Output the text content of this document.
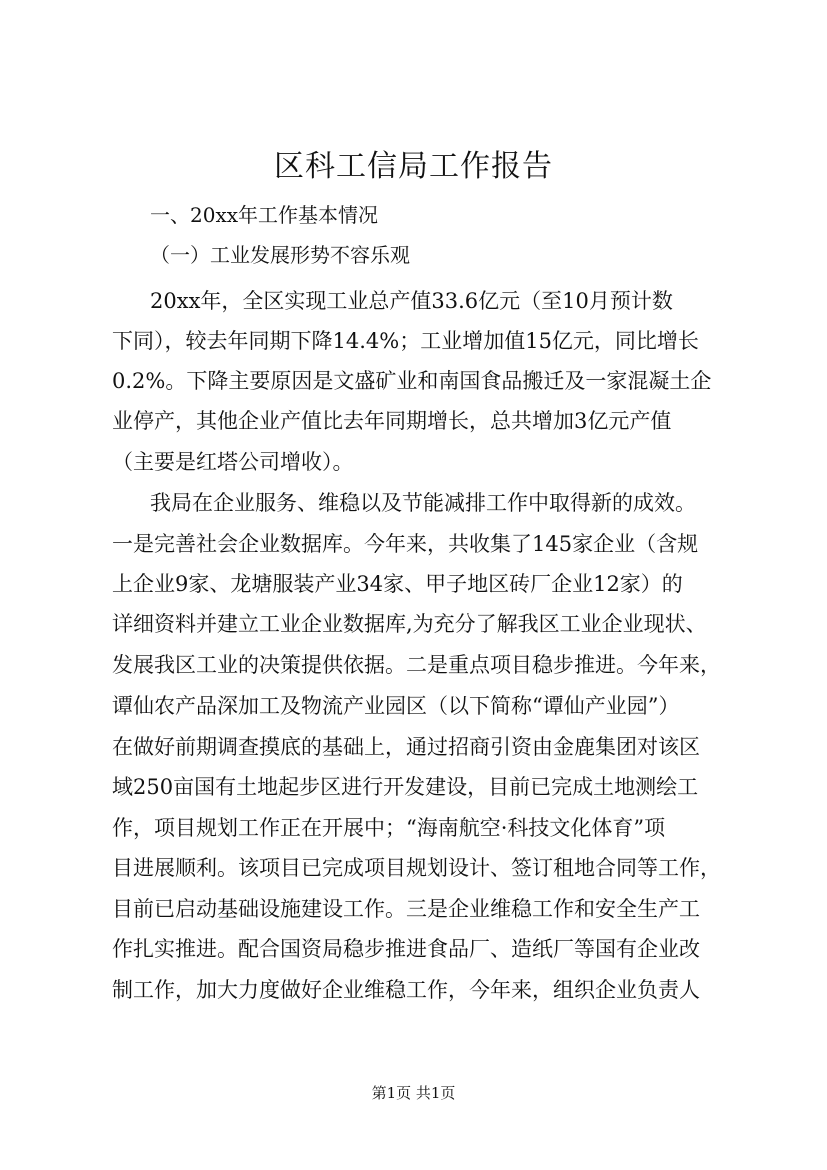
区科工信局工作报告
一、20xx年工作基本情况
（一）工业发展形势不容乐观
20xx年，全区实现工业总产值33.6亿元（至10月预计数
下同），较去年同期下降14.4%；工业增加值15亿元，同比增长
0.2%。下降主要原因是文盛矿业和南国食品搬迁及一家混凝土企
业停产，其他企业产值比去年同期增长，总共增加3亿元产值
（主要是红塔公司增收）。
我局在企业服务、维稳以及节能减排工作中取得新的成效。
一是完善社会企业数据库。今年来，共收集了145家企业（含规
上企业9家、龙塘服装产业34家、甲子地区砖厂企业12家）的
详细资料并建立工业企业数据库,为充分了解我区工业企业现状、
发展我区工业的决策提供依据。二是重点项目稳步推进。今年来，
谭仙农产品深加工及物流产业园区（以下简称“谭仙产业园”）
在做好前期调查摸底的基础上，通过招商引资由金鹿集团对该区
域250亩国有土地起步区进行开发建设，目前已完成土地测绘工
作，项目规划工作正在开展中；“海南航空·科技文化体育”项
目进展顺利。该项目已完成项目规划设计、签订租地合同等工作，
目前已启动基础设施建设工作。三是企业维稳工作和安全生产工
作扎实推进。配合国资局稳步推进食品厂、造纸厂等国有企业改
制工作，加大力度做好企业维稳工作，今年来，组织企业负责人
第1页 共1页
